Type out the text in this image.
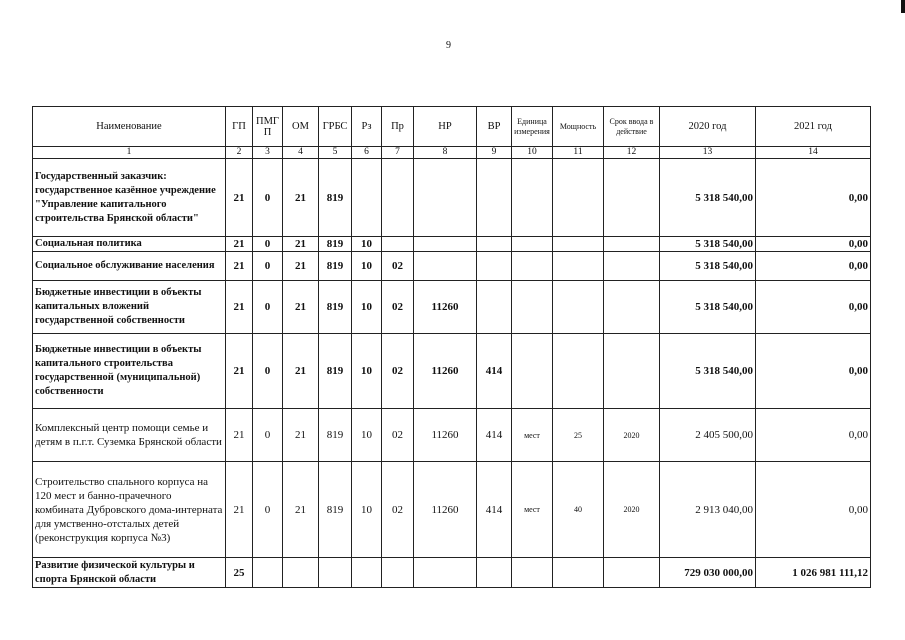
9
Наименование	ГП	ПМГП	ОМ	ГРБС	Рз	Пр	НР	ВР	Единица измерения	Мощность	Срок ввода в действие	2020 год	2021 год
1	2	3	4	5	6	7	8	9	10	11	12	13	14
Государственный заказчик: государственное казённое учреждение "Управление капитального строительства Брянской области"	21	0	21	819								5 318 540,00	0,00
Социальная политика	21	0	21	819	10							5 318 540,00	0,00
Социальное обслуживание населения	21	0	21	819	10	02						5 318 540,00	0,00
Бюджетные инвестиции в объекты капитальных вложений государственной собственности	21	0	21	819	10	02	11260					5 318 540,00	0,00
Бюджетные инвестиции в объекты капитального строительства государственной (муниципальной) собственности	21	0	21	819	10	02	11260	414				5 318 540,00	0,00
Комплексный центр помощи семье и детям в п.г.т. Суземка Брянской области	21	0	21	819	10	02	11260	414	мест	25	2020	2 405 500,00	0,00
Строительство спального корпуса на 120 мест и банно-прачечного комбината Дубровского дома-интерната для умственно-отсталых детей (реконструкция корпуса №3)	21	0	21	819	10	02	11260	414	мест	40	2020	2 913 040,00	0,00
Развитие физической культуры и спорта Брянской области	25											729 030 000,00	1 026 981 111,12
